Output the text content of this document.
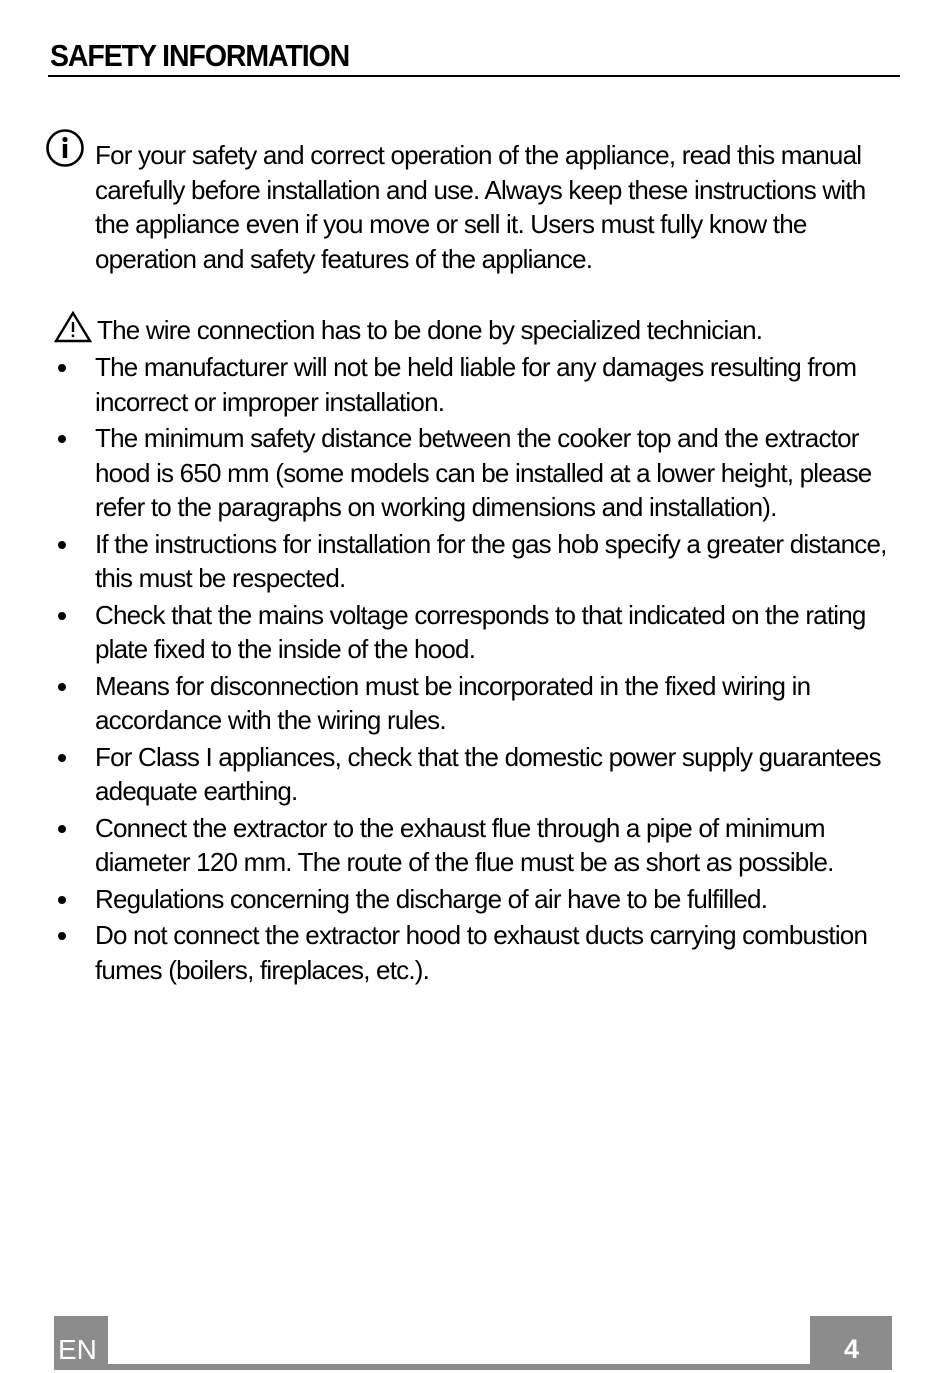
SAFETY INFORMATION
For your safety and correct operation of the appliance, read this manual carefully before installation and use. Always keep these instructions with the appliance even if you move or sell it. Users must fully know the operation and safety features of the appliance.
The wire connection has to be done by specialized technician.
The manufacturer will not be held liable for any damages resulting from incorrect or improper installation.
The minimum safety distance between the cooker top and the extractor hood is 650 mm (some models can be installed at a lower height, please refer to the paragraphs on working dimensions and installation).
If the instructions for installation for the gas hob specify a greater distance, this must be respected.
Check that the mains voltage corresponds to that indicated on the rating plate fixed to the inside of the hood.
Means for disconnection must be incorporated in the fixed wiring in accordance with the wiring rules.
For Class I appliances, check that the domestic power supply guarantees adequate earthing.
Connect the extractor to the exhaust flue through a pipe of minimum diameter 120 mm. The route of the flue must be as short as possible.
Regulations concerning the discharge of air have to be fulfilled.
Do not connect the extractor hood to exhaust ducts carrying combustion fumes (boilers, fireplaces, etc.).
EN	4
